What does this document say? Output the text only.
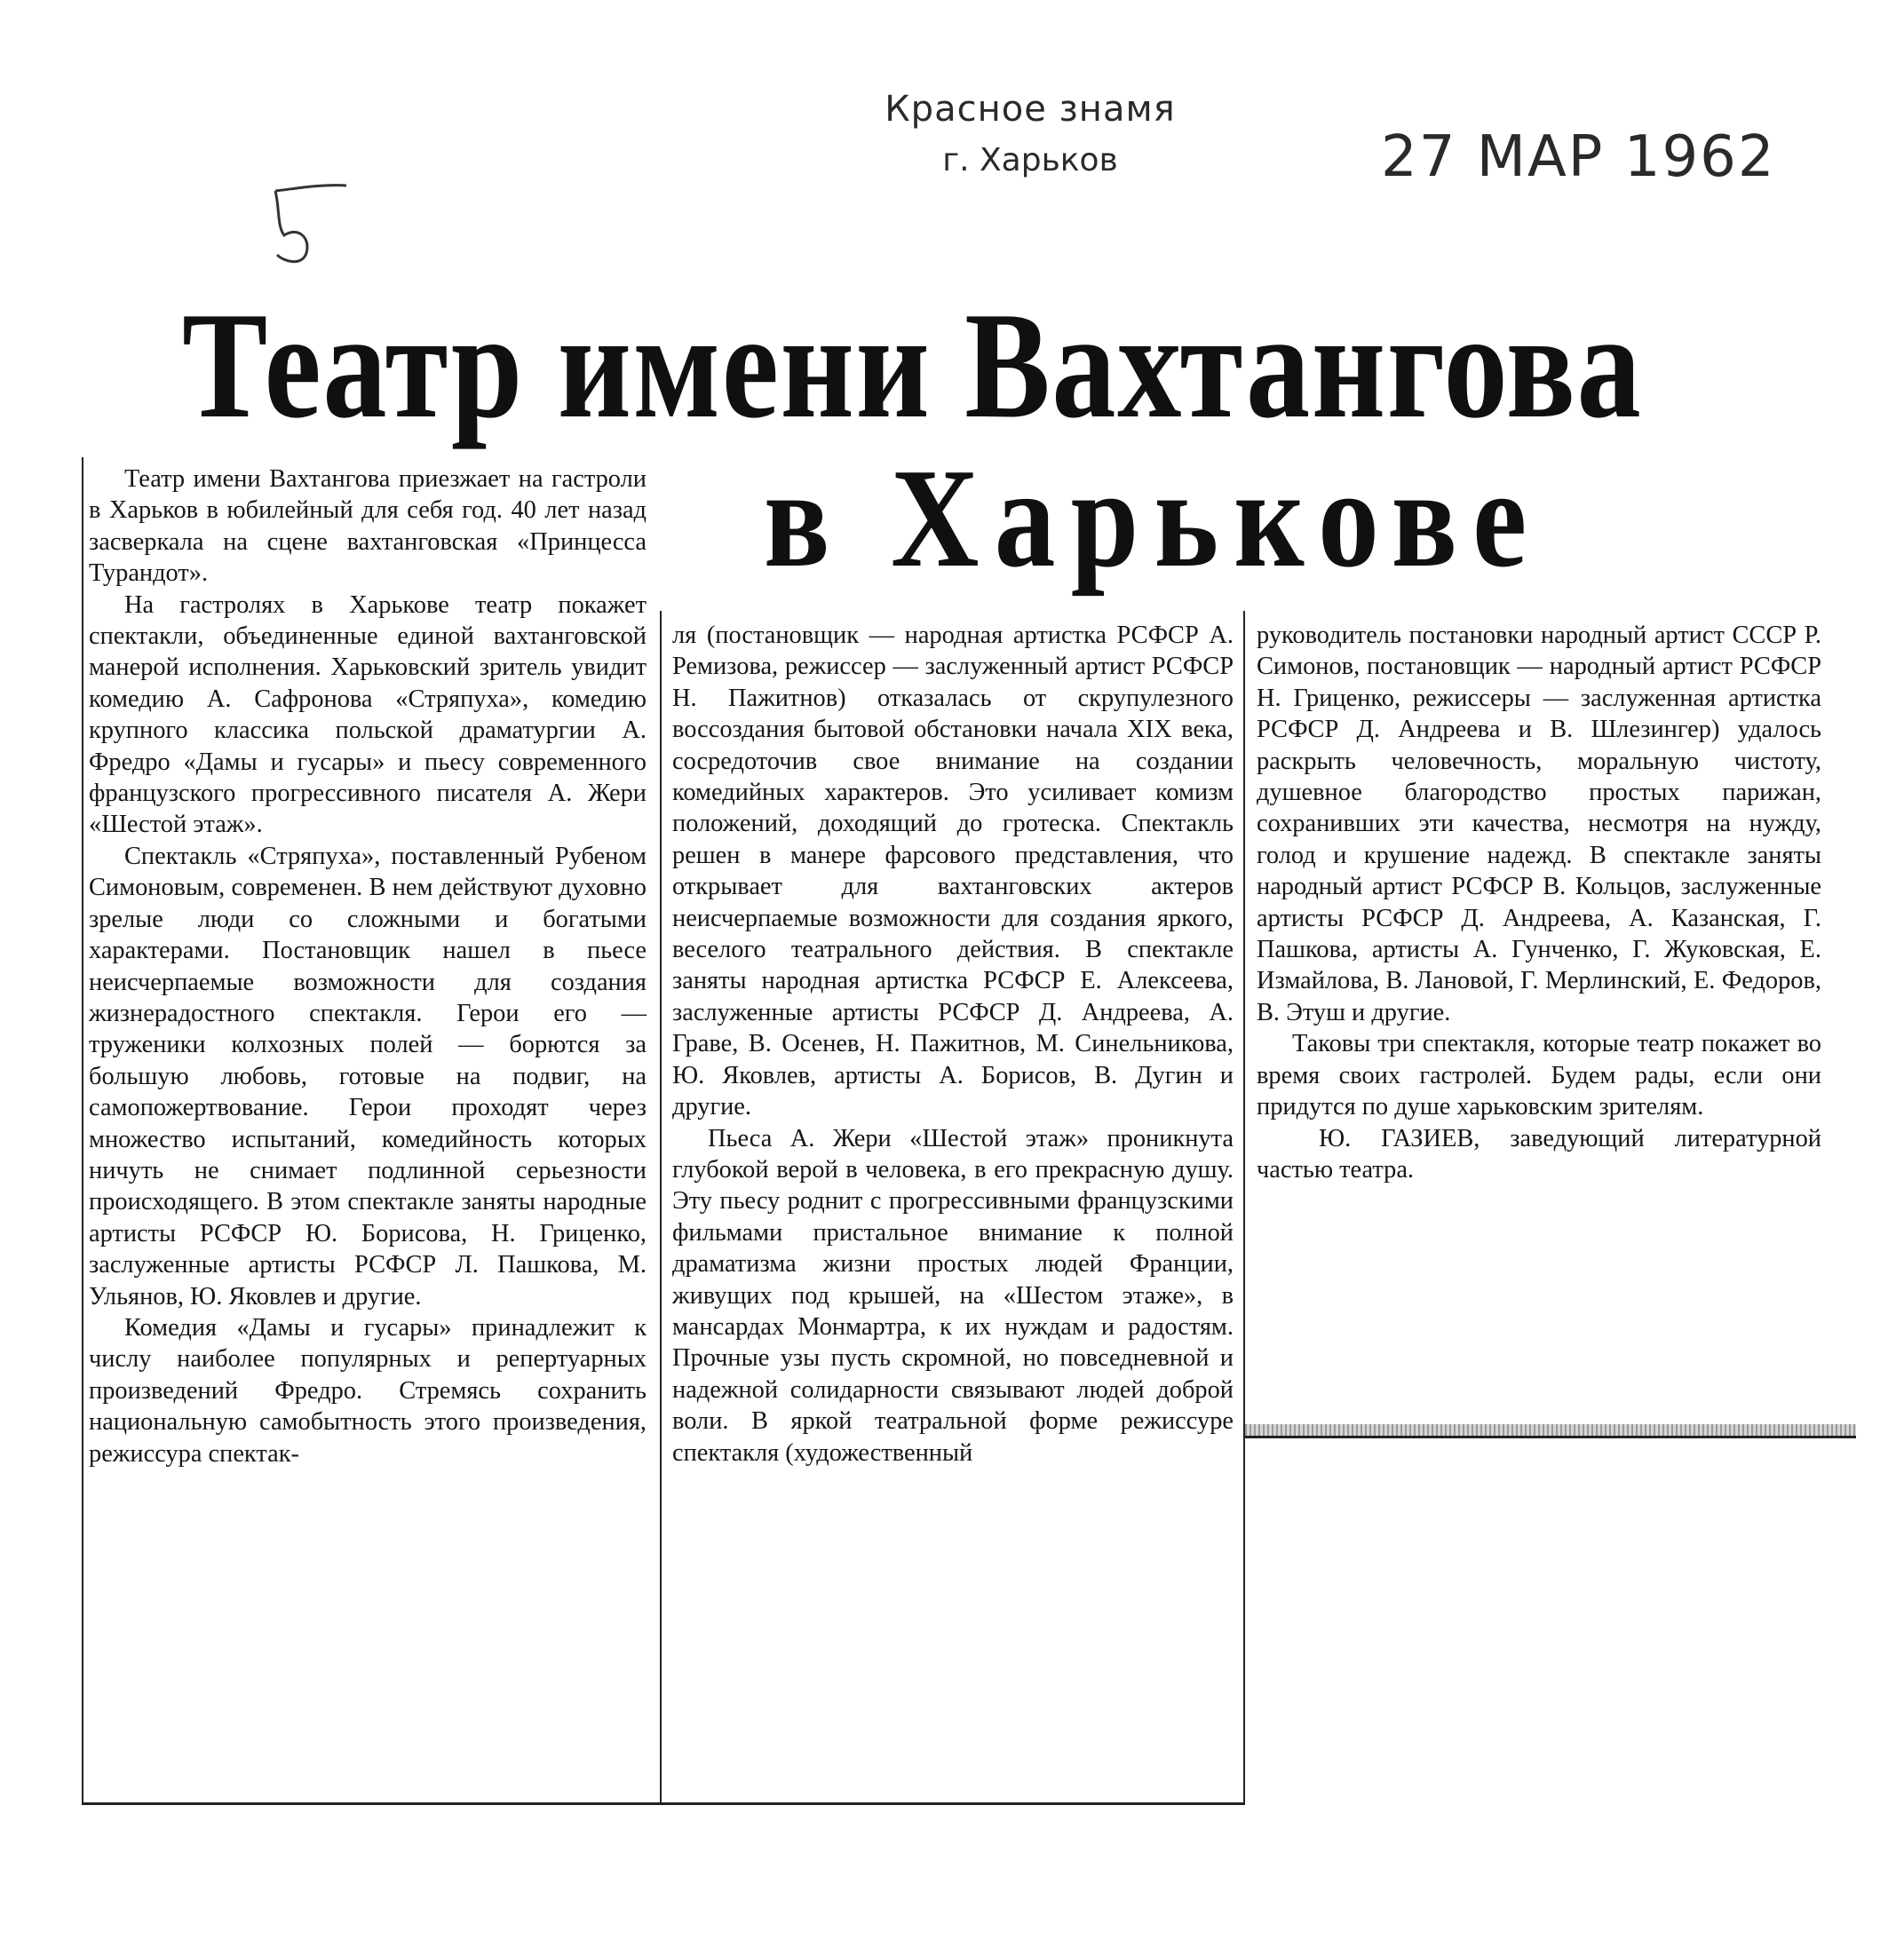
Красное знамя
г. Харьков	27 МАР 1962
Театр имени Вахтангова
в Харькове

Театр имени Вахтангова приезжает на гастроли в Харьков в юбилейный для себя год. 40 лет назад засверкала на сцене вахтанговская «Принцесса Турандот».

На гастролях в Харькове театр покажет спектакли, объединенные единой вахтанговской манерой исполнения. Харьковский зритель увидит комедию А. Сафронова «Стряпуха», комедию крупного классика польской драматургии А. Фредро «Дамы и гусары» и пьесу современного французского прогрессивного писателя А. Жери «Шестой этаж».

Спектакль «Стряпуха», поставленный Рубеном Симоновым, современен. В нем действуют духовно зрелые люди со сложными и богатыми характерами. Постановщик нашел в пьесе неисчерпаемые возможности для создания жизнерадостного спектакля. Герои его — труженики колхозных полей — борются за большую любовь, готовые на подвиг, на самопожертвование. Герои проходят через множество испытаний, комедийность которых ничуть не снимает подлинной серьезности происходящего. В этом спектакле заняты народные артисты РСФСР Ю. Борисова, Н. Гриценко, заслуженные артисты РСФСР Л. Пашкова, М. Ульянов, Ю. Яковлев и другие.

Комедия «Дамы и гусары» принадлежит к числу наиболее популярных и репертуарных произведений Фредро. Стремясь сохранить национальную самобытность этого произведения, режиссура спектак-

ля (постановщик — народная артистка РСФСР А. Ремизова, режиссер — заслуженный артист РСФСР Н. Пажитнов) отказалась от скрупулезного воссоздания бытовой обстановки начала XIX века, сосредоточив свое внимание на создании комедийных характеров. Это усиливает комизм положений, доходящий до гротеска. Спектакль решен в манере фарсового представления, что открывает для вахтанговских актеров неисчерпаемые возможности для создания яркого, веселого театрального действия. В спектакле заняты народная артистка РСФСР Е. Алексеева, заслуженные артисты РСФСР Д. Андреева, А. Граве, В. Осенев, Н. Пажитнов, М. Синельникова, Ю. Яковлев, артисты А. Борисов, В. Дугин и другие.

Пьеса А. Жери «Шестой этаж» проникнута глубокой верой в человека, в его прекрасную душу. Эту пьесу роднит с прогрессивными французскими фильмами пристальное внимание к полной драматизма жизни простых людей Франции, живущих под крышей, на «Шестом этаже», в мансардах Монмартра, к их нуждам и радостям. Прочные узы пусть скромной, но повседневной и надежной солидарности связывают людей доброй воли. В яркой театральной форме режиссуре спектакля (художественный

руководитель постановки народный артист СССР Р. Симонов, постановщик — народный артист РСФСР Н. Гриценко, режиссеры — заслуженная артистка РСФСР Д. Андреева и В. Шлезингер) удалось раскрыть человечность, моральную чистоту, душевное благородство простых парижан, сохранивших эти качества, несмотря на нужду, голод и крушение надежд. В спектакле заняты народный артист РСФСР В. Кольцов, заслуженные артисты РСФСР Д. Андреева, А. Казанская, Г. Пашкова, артисты А. Гунченко, Г. Жуковская, Е. Измайлова, В. Лановой, Г. Мерлинский, Е. Федоров, В. Этуш и другие.

Таковы три спектакля, которые театр покажет во время своих гастролей. Будем рады, если они придутся по душе харьковским зрителям.

Ю. ГАЗИЕВ, заведующий литературной частью театра.
